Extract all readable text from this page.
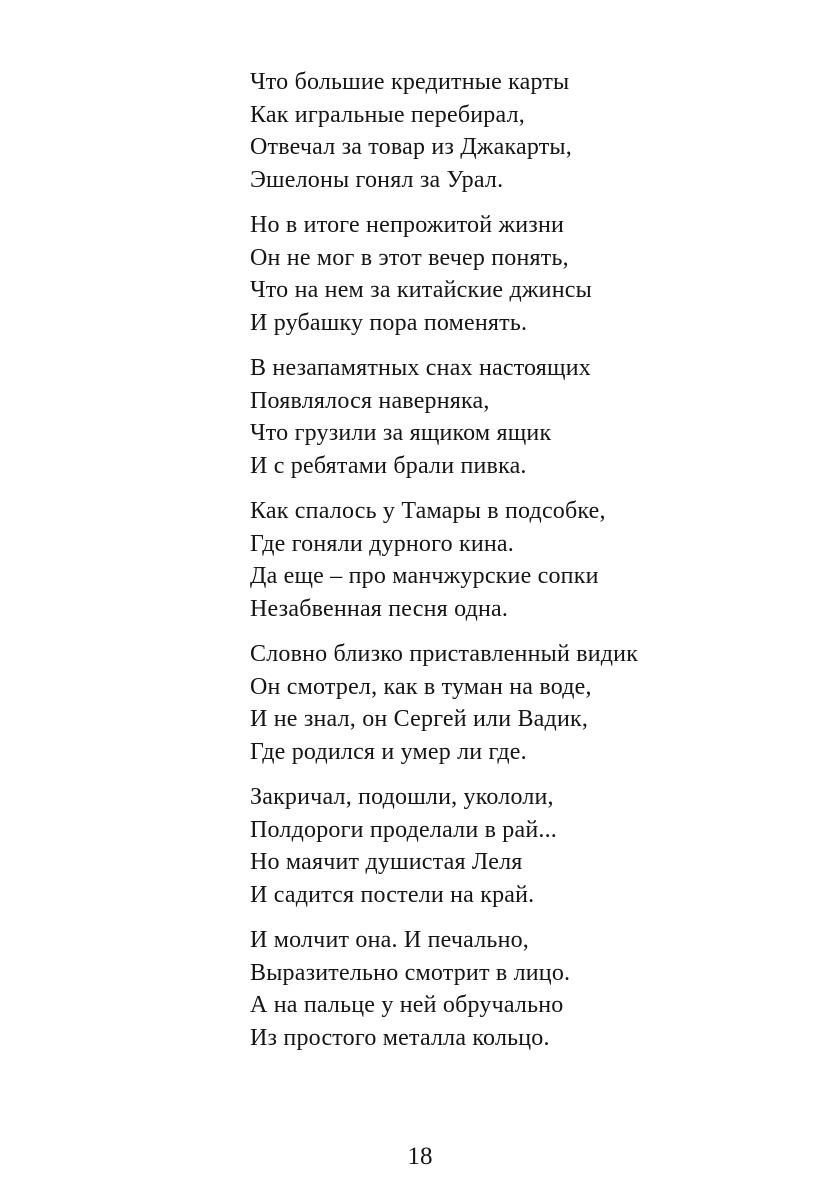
Что большие кредитные карты

Как игральные перебирал,

Отвечал за товар из Джакарты,

Эшелоны гонял за Урал.

Но в итоге непрожитой жизни

Он не мог в этот вечер понять,

Что на нем за китайские джинсы

И рубашку пора поменять.

В незапамятных снах настоящих

Появлялося наверняка,

Что грузили за ящиком ящик

И с ребятами брали пивка.

Как спалось у Тамары в подсобке,

Где гоняли дурного кина.

Да еще – про манчжурские сопки

Незабвенная песня одна.

Словно близко приставленный видик

Он смотрел, как в туман на воде,

И не знал, он Сергей или Вадик,

Где родился и умер ли где.

Закричал, подошли, укололи,

Полдороги проделали в рай...

Но маячит душистая Леля

И садится постели на край.

И молчит она. И печально,

Выразительно смотрит в лицо.

А на пальце у ней обручально

Из простого металла кольцо.

18
